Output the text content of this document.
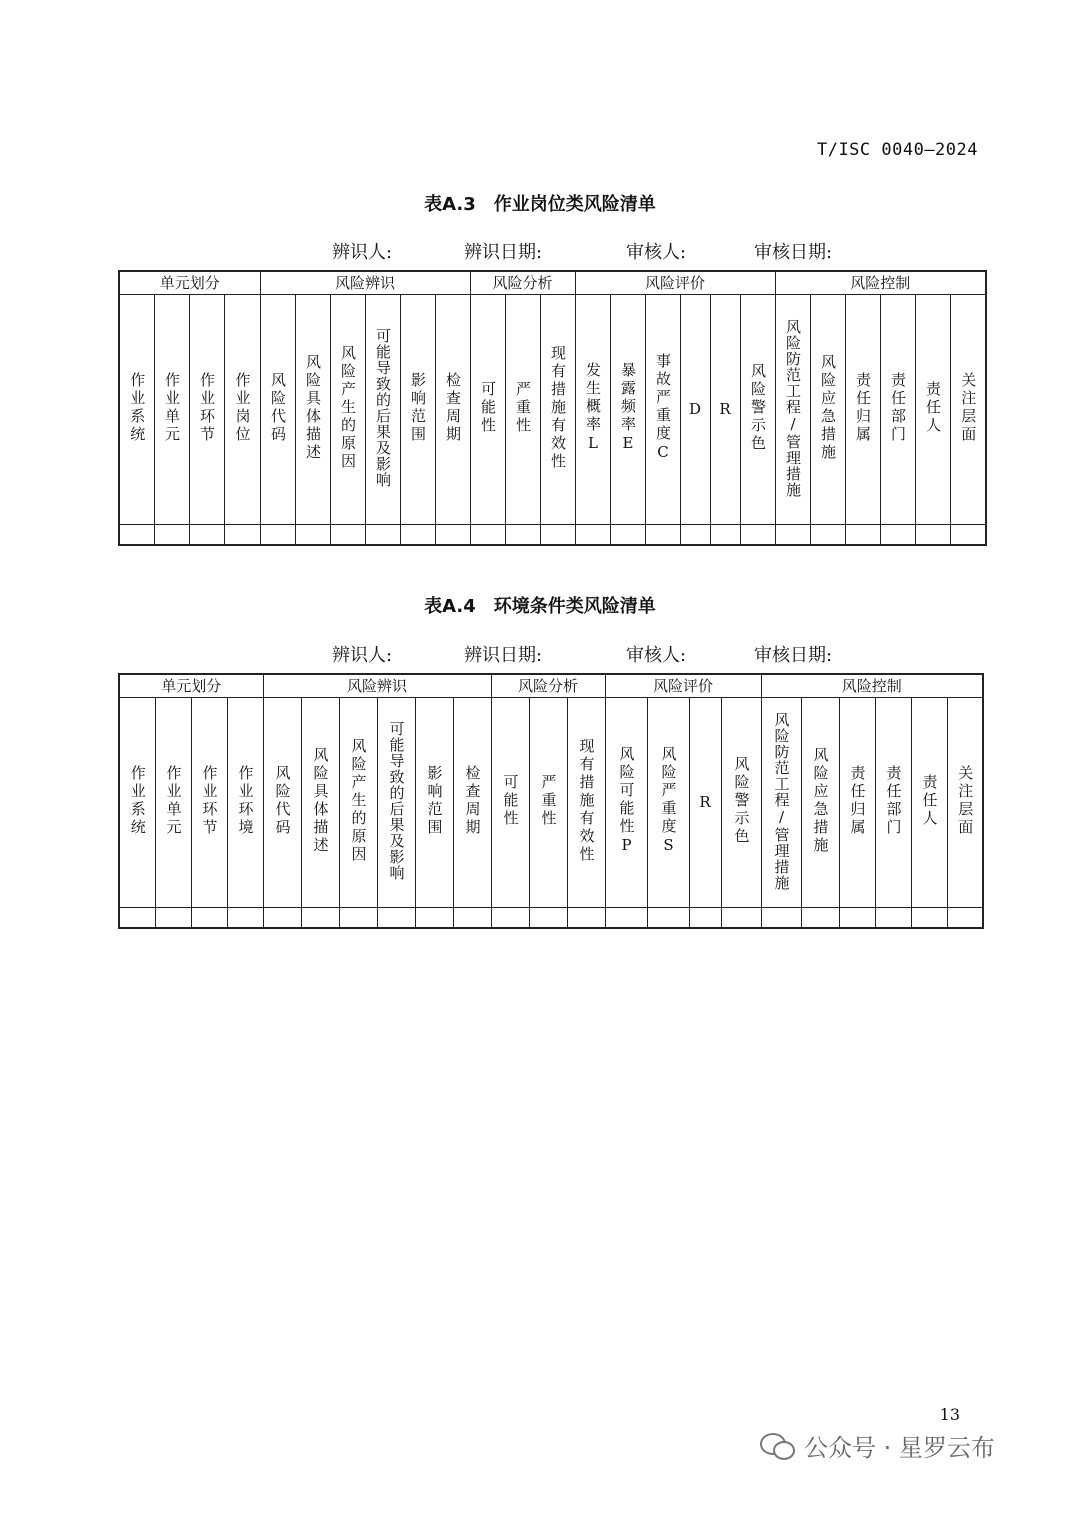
T/ISC 0040—2024
表A.3　作业岗位类风险清单
辨识人:	辨识日期:	审核人:	审核日期:
单元划分				风险辨识						风险分析			风险评价						风险控制					
作业系统	作业单元	作业环节	作业岗位	风险代码	风险具体描述	风险产生的原因	可能导致的后果及影响	影响范围	检查周期	可能性	严重性	现有措施有效性	发生概率L	暴露频率E	事故严重度C	D	R	风险警示色	风险防范工程/管理措施	风险应急措施	责任归属	责任部门	责任人	关注层面

表A.4　环境条件类风险清单
辨识人:	辨识日期:	审核人:	审核日期:
单元划分				风险辨识						风险分析			风险评价				风险控制					
作业系统	作业单元	作业环节	作业环境	风险代码	风险具体描述	风险产生的原因	可能导致的后果及影响	影响范围	检查周期	可能性	严重性	现有措施有效性	风险可能性P	风险严重度S	R	风险警示色	风险防范工程/管理措施	风险应急措施	责任归属	责任部门	责任人	关注层面

13
公众号 · 星罗云布
